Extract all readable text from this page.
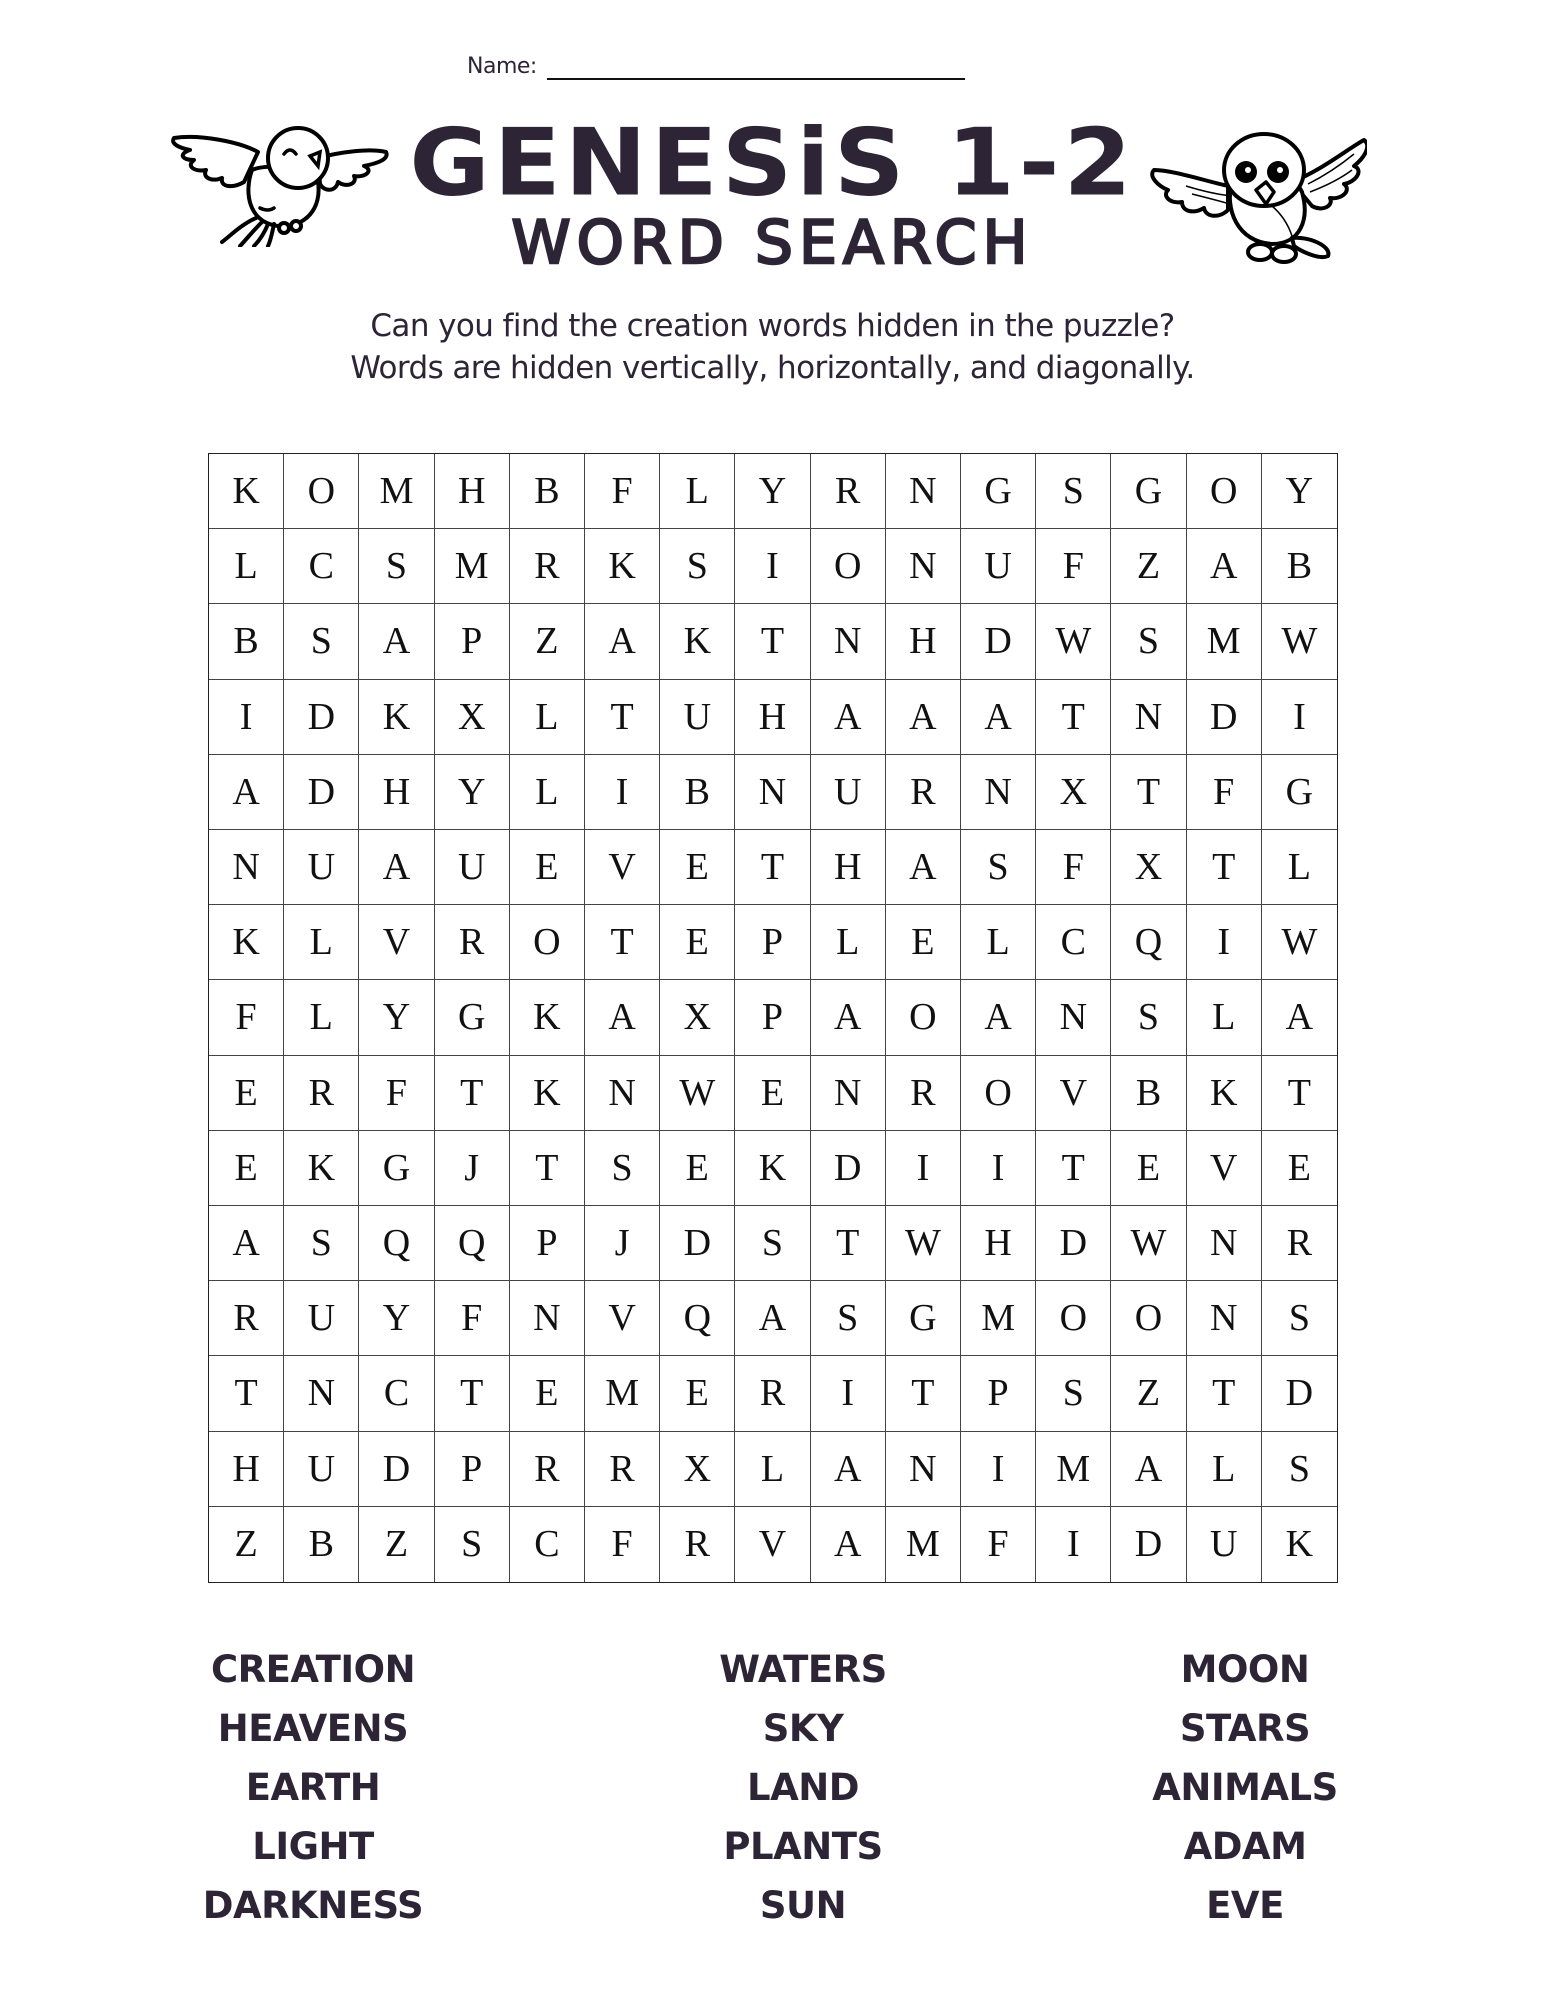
Name:
GENESiS 1-2
WORD SEARCH
Can you find the creation words hidden in the puzzle?
Words are hidden vertically, horizontally, and diagonally.
K	O	M	H	B	F	L	Y	R	N	G	S	G	O	Y
L	C	S	M	R	K	S	I	O	N	U	F	Z	A	B
B	S	A	P	Z	A	K	T	N	H	D	W	S	M	W
I	D	K	X	L	T	U	H	A	A	A	T	N	D	I
A	D	H	Y	L	I	B	N	U	R	N	X	T	F	G
N	U	A	U	E	V	E	T	H	A	S	F	X	T	L
K	L	V	R	O	T	E	P	L	E	L	C	Q	I	W
F	L	Y	G	K	A	X	P	A	O	A	N	S	L	A
E	R	F	T	K	N	W	E	N	R	O	V	B	K	T
E	K	G	J	T	S	E	K	D	I	I	T	E	V	E
A	S	Q	Q	P	J	D	S	T	W	H	D	W	N	R
R	U	Y	F	N	V	Q	A	S	G	M	O	O	N	S
T	N	C	T	E	M	E	R	I	T	P	S	Z	T	D
H	U	D	P	R	R	X	L	A	N	I	M	A	L	S
Z	B	Z	S	C	F	R	V	A	M	F	I	D	U	K
CREATION
HEAVENS
EARTH
LIGHT
DARKNESS
WATERS
SKY
LAND
PLANTS
SUN
MOON
STARS
ANIMALS
ADAM
EVE
